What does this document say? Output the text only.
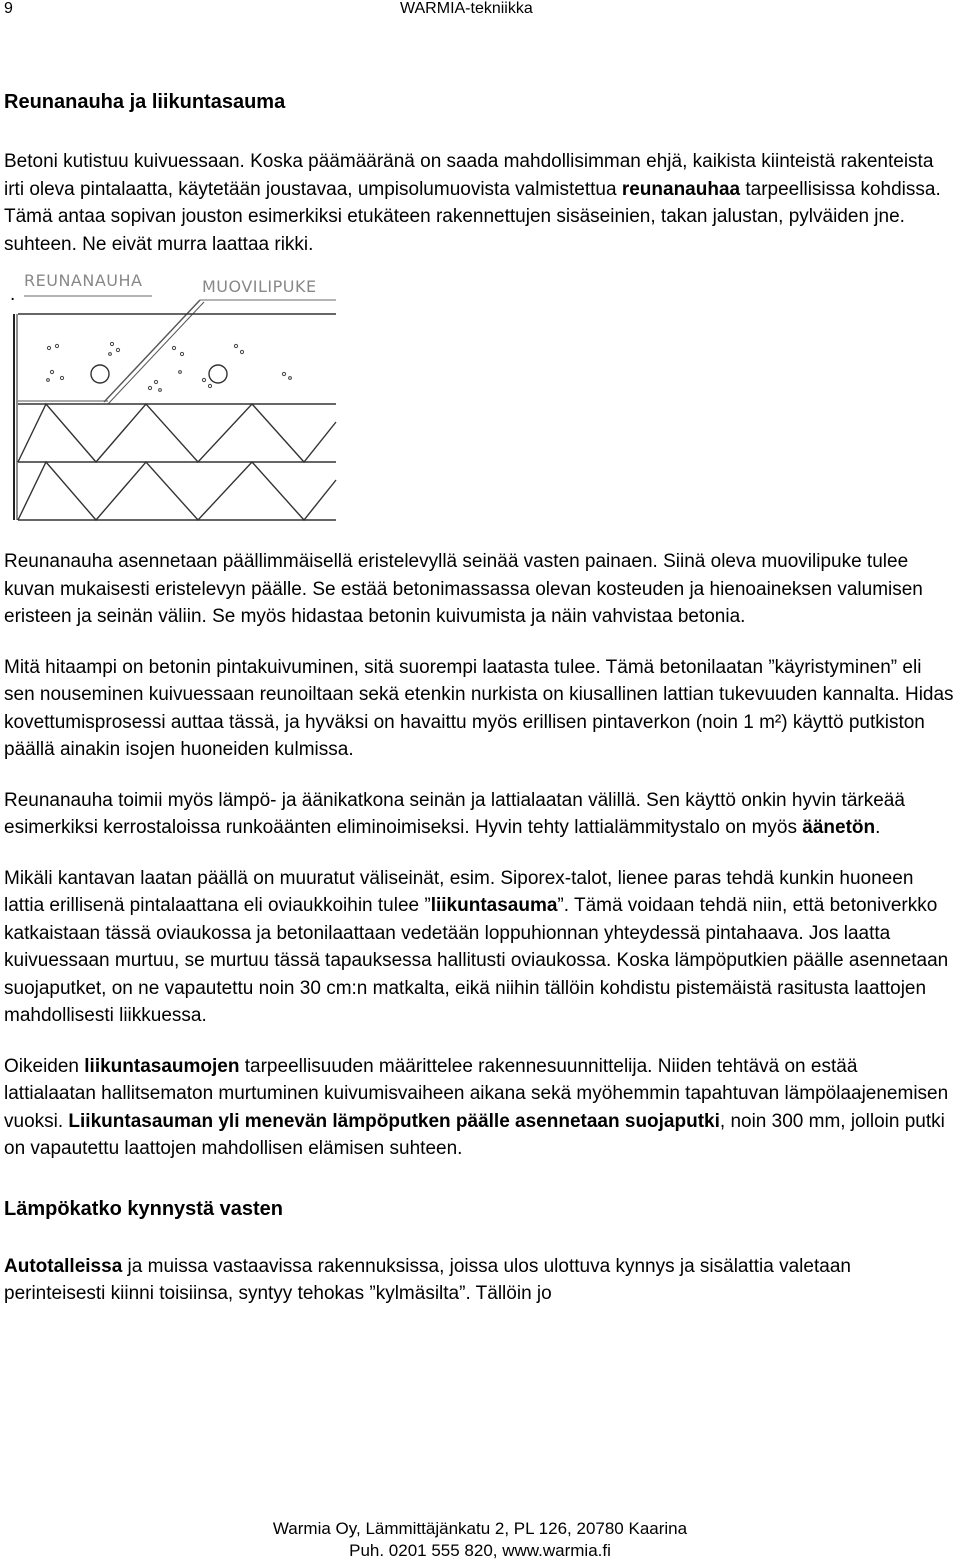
9	WARMIA-tekniikka
Reunanauha ja liikuntasauma

Betoni kutistuu kuivuessaan. Koska päämääränä on saada mahdollisimman ehjä, kaikista kiinteistä rakenteista irti oleva pintalaatta, käytetään joustavaa, umpisolumuovista valmistettua reunanauhaa tarpeellisissa kohdissa. Tämä antaa sopivan jouston esimerkiksi etukäteen rakennettujen sisäseinien, takan jalustan, pylväiden jne. suhteen. Ne eivät murra laattaa rikki.

.
REUNANAUHA	MUOVILIPUKE

Reunanauha asennetaan päällimmäisellä eristelevyllä seinää vasten painaen. Siinä oleva muovilipuke tulee kuvan mukaisesti eristelevyn päälle. Se estää betonimassassa olevan kosteuden ja hienoaineksen valumisen eristeen ja seinän väliin. Se myös hidastaa betonin kuivumista ja näin vahvistaa betonia.

Mitä hitaampi on betonin pintakuivuminen, sitä suorempi laatasta tulee. Tämä betonilaatan ”käyristyminen” eli sen nouseminen kuivuessaan reunoiltaan sekä etenkin nurkista on kiusallinen lattian tukevuuden kannalta. Hidas kovettumisprosessi auttaa tässä, ja hyväksi on havaittu myös erillisen pintaverkon (noin 1 m²) käyttö putkiston päällä ainakin isojen huoneiden kulmissa.

Reunanauha toimii myös lämpö- ja äänikatkona seinän ja lattialaatan välillä. Sen käyttö onkin hyvin tärkeää esimerkiksi kerrostaloissa runkoäänten eliminoimiseksi. Hyvin tehty lattialämmitystalo on myös äänetön.

Mikäli kantavan laatan päällä on muuratut väliseinät, esim. Siporex-talot, lienee paras tehdä kunkin huoneen lattia erillisenä pintalaattana eli oviaukkoihin tulee ”liikuntasauma”. Tämä voidaan tehdä niin, että betoniverkko katkaistaan tässä oviaukossa ja betonilaattaan vedetään loppuhionnan yhteydessä pintahaava. Jos laatta kuivuessaan murtuu, se murtuu tässä tapauksessa hallitusti oviaukossa. Koska lämpöputkien päälle asennetaan suojaputket, on ne vapautettu noin 30 cm:n matkalta, eikä niihin tällöin kohdistu pistemäistä rasitusta laattojen mahdollisesti liikkuessa.

Oikeiden liikuntasaumojen tarpeellisuuden määrittelee rakennesuunnittelija. Niiden tehtävä on estää lattialaatan hallitsematon murtuminen kuivumisvaiheen aikana sekä myöhemmin tapahtuvan lämpölaajenemisen vuoksi. Liikuntasauman yli menevän lämpöputken päälle asennetaan suojaputki, noin 300 mm, jolloin putki on vapautettu laattojen mahdollisen elämisen suhteen.

Lämpökatko kynnystä vasten

Autotalleissa ja muissa vastaavissa rakennuksissa, joissa ulos ulottuva kynnys ja sisälattia valetaan perinteisesti kiinni toisiinsa, syntyy tehokas ”kylmäsilta”. Tällöin jo

Warmia Oy, Lämmittäjänkatu 2, PL 126, 20780 Kaarina
Puh. 0201 555 820, www.warmia.fi
